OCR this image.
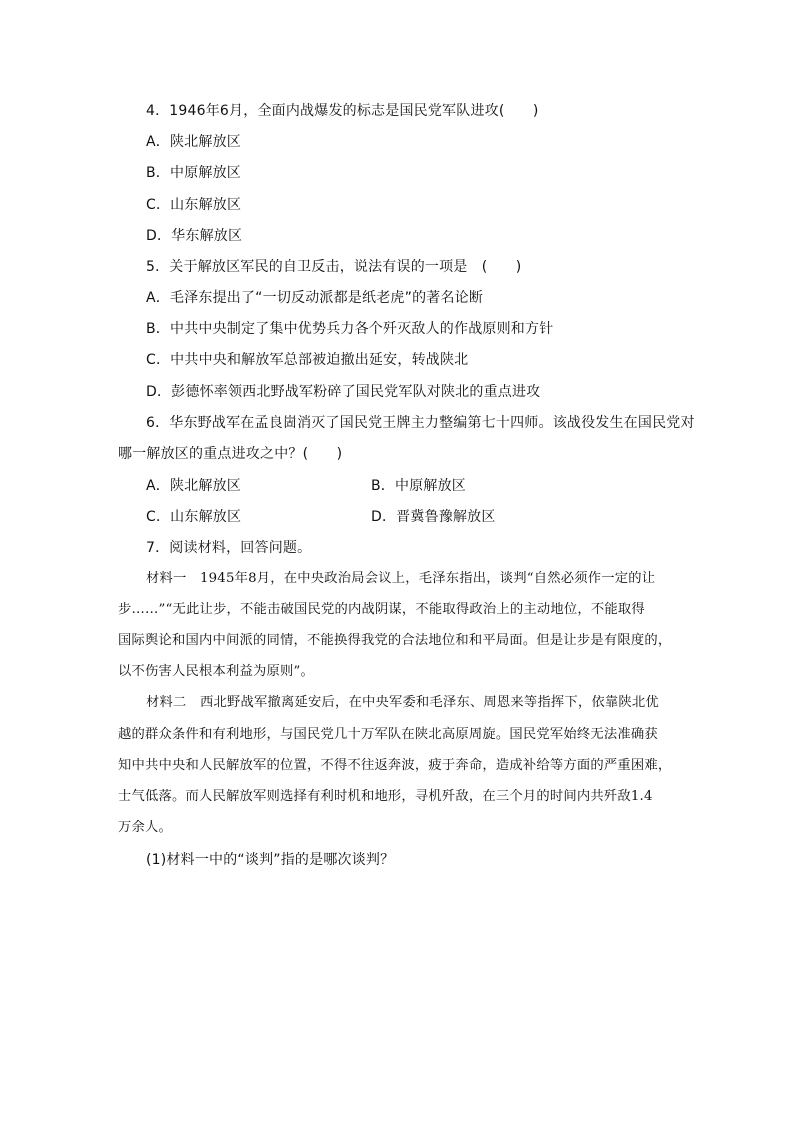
4．1946年6月，全面内战爆发的标志是国民党军队进攻(　　)
A．陕北解放区
B．中原解放区
C．山东解放区
D．华东解放区
5．关于解放区军民的自卫反击，说法有误的一项是　(　　)
A．毛泽东提出了“一切反动派都是纸老虎”的著名论断
B．中共中央制定了集中优势兵力各个歼灭敌人的作战原则和方针
C．中共中央和解放军总部被迫撤出延安，转战陕北
D．彭德怀率领西北野战军粉碎了国民党军队对陕北的重点进攻
6．华东野战军在孟良崮消灭了国民党王牌主力整编第七十四师。该战役发生在国民党对
哪一解放区的重点进攻之中？(　　)
A．陕北解放区	B．中原解放区
C．山东解放区	D．晋冀鲁豫解放区
7．阅读材料，回答问题。
材料一　1945年8月，在中央政治局会议上，毛泽东指出，谈判“自然必须作一定的让
步……”“无此让步，不能击破国民党的内战阴谋，不能取得政治上的主动地位，不能取得
国际舆论和国内中间派的同情，不能换得我党的合法地位和和平局面。但是让步是有限度的，
以不伤害人民根本利益为原则”。
材料二　西北野战军撤离延安后，在中央军委和毛泽东、周恩来等指挥下，依靠陕北优
越的群众条件和有利地形，与国民党几十万军队在陕北高原周旋。国民党军始终无法准确获
知中共中央和人民解放军的位置，不得不往返奔波，疲于奔命，造成补给等方面的严重困难，
士气低落。而人民解放军则选择有利时机和地形，寻机歼敌，在三个月的时间内共歼敌1.4
万余人。
(1)材料一中的“谈判”指的是哪次谈判？
